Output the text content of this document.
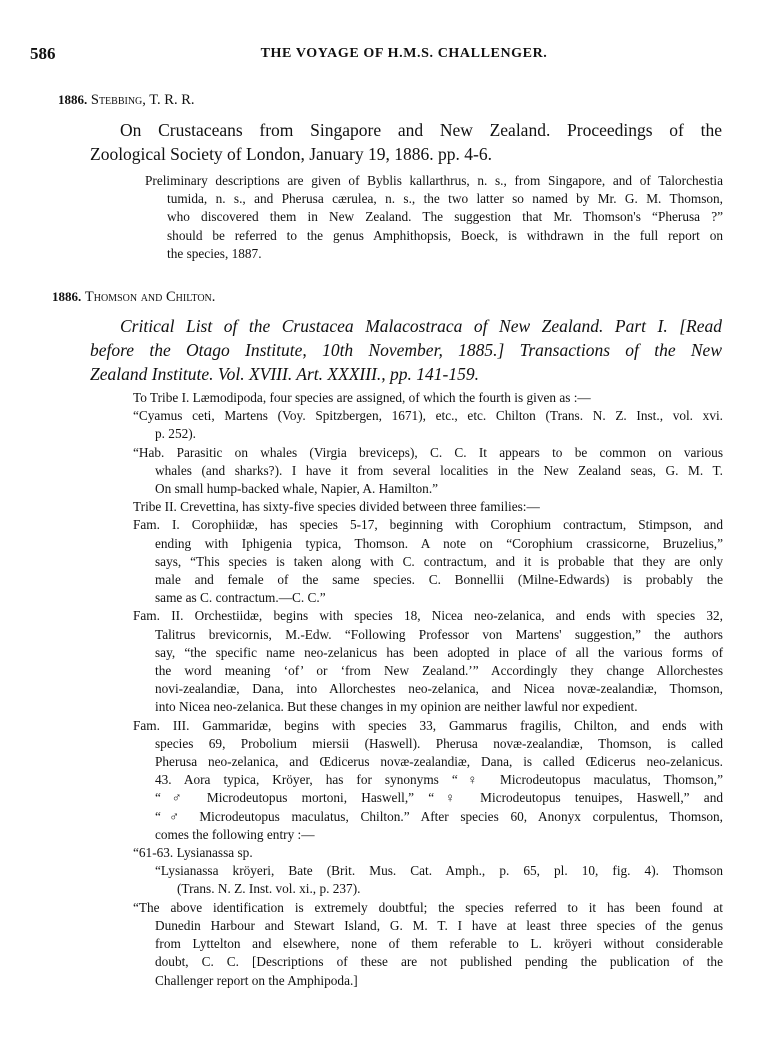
586	THE VOYAGE OF H.M.S. CHALLENGER.
1886. Stebbing, T. R. R.
On Crustaceans from Singapore and New Zealand. Proceedings of the
Zoological Society of London, January 19, 1886. pp. 4-6.
Preliminary descriptions are given of Byblis kallarthrus, n. s., from Singapore, and of Talorchestia
tumida, n. s., and Pherusa cærulea, n. s., the two latter so named by Mr. G. M. Thomson,
who discovered them in New Zealand. The suggestion that Mr. Thomson's “Pherusa ?”
should be referred to the genus Amphithopsis, Boeck, is withdrawn in the full report on
the species, 1887.
1886. Thomson and Chilton.
Critical List of the Crustacea Malacostraca of New Zealand. Part I. [Read
before the Otago Institute, 10th November, 1885.] Transactions of the New
Zealand Institute. Vol. XVIII. Art. XXXIII., pp. 141-159.
To Tribe I. Læmodipoda, four species are assigned, of which the fourth is given as :—
“Cyamus ceti, Martens (Voy. Spitzbergen, 1671), etc., etc. Chilton (Trans. N. Z. Inst., vol. xvi.
p. 252).
“Hab. Parasitic on whales (Virgia breviceps), C. C. It appears to be common on various
whales (and sharks?). I have it from several localities in the New Zealand seas, G. M. T.
On small hump-backed whale, Napier, A. Hamilton.”
Tribe II. Crevettina, has sixty-five species divided between three families:—
Fam. I. Corophiidæ, has species 5-17, beginning with Corophium contractum, Stimpson, and
ending with Iphigenia typica, Thomson. A note on “Corophium crassicorne, Bruzelius,”
says, “This species is taken along with C. contractum, and it is probable that they are only
male and female of the same species. C. Bonnellii (Milne-Edwards) is probably the
same as C. contractum.—C. C.”
Fam. II. Orchestiidæ, begins with species 18, Nicea neo-zelanica, and ends with species 32,
Talitrus brevicornis, M.-Edw. “Following Professor von Martens' suggestion,” the authors
say, “the specific name neo-zelanicus has been adopted in place of all the various forms of
the word meaning ‘of’ or ‘from New Zealand.’” Accordingly they change Allorchestes
novi-zealandiæ, Dana, into Allorchestes neo-zelanica, and Nicea novæ-zealandiæ, Thomson,
into Nicea neo-zelanica. But these changes in my opinion are neither lawful nor expedient.
Fam. III. Gammaridæ, begins with species 33, Gammarus fragilis, Chilton, and ends with
species 69, Probolium miersii (Haswell). Pherusa novæ-zealandiæ, Thomson, is called
Pherusa neo-zelanica, and Œdicerus novæ-zealandiæ, Dana, is called Œdicerus neo-zelanicus.
43. Aora typica, Kröyer, has for synonyms “♀ Microdeutopus maculatus, Thomson,”
“♂ Microdeutopus mortoni, Haswell,” “♀ Microdeutopus tenuipes, Haswell,” and
“♂ Microdeutopus maculatus, Chilton.” After species 60, Anonyx corpulentus, Thomson,
comes the following entry :—
“61-63. Lysianassa sp.
“Lysianassa kröyeri, Bate (Brit. Mus. Cat. Amph., p. 65, pl. 10, fig. 4). Thomson
(Trans. N. Z. Inst. vol. xi., p. 237).
“The above identification is extremely doubtful; the species referred to it has been found at
Dunedin Harbour and Stewart Island, G. M. T. I have at least three species of the genus
from Lyttelton and elsewhere, none of them referable to L. kröyeri without considerable
doubt, C. C. [Descriptions of these are not published pending the publication of the
Challenger report on the Amphipoda.]
